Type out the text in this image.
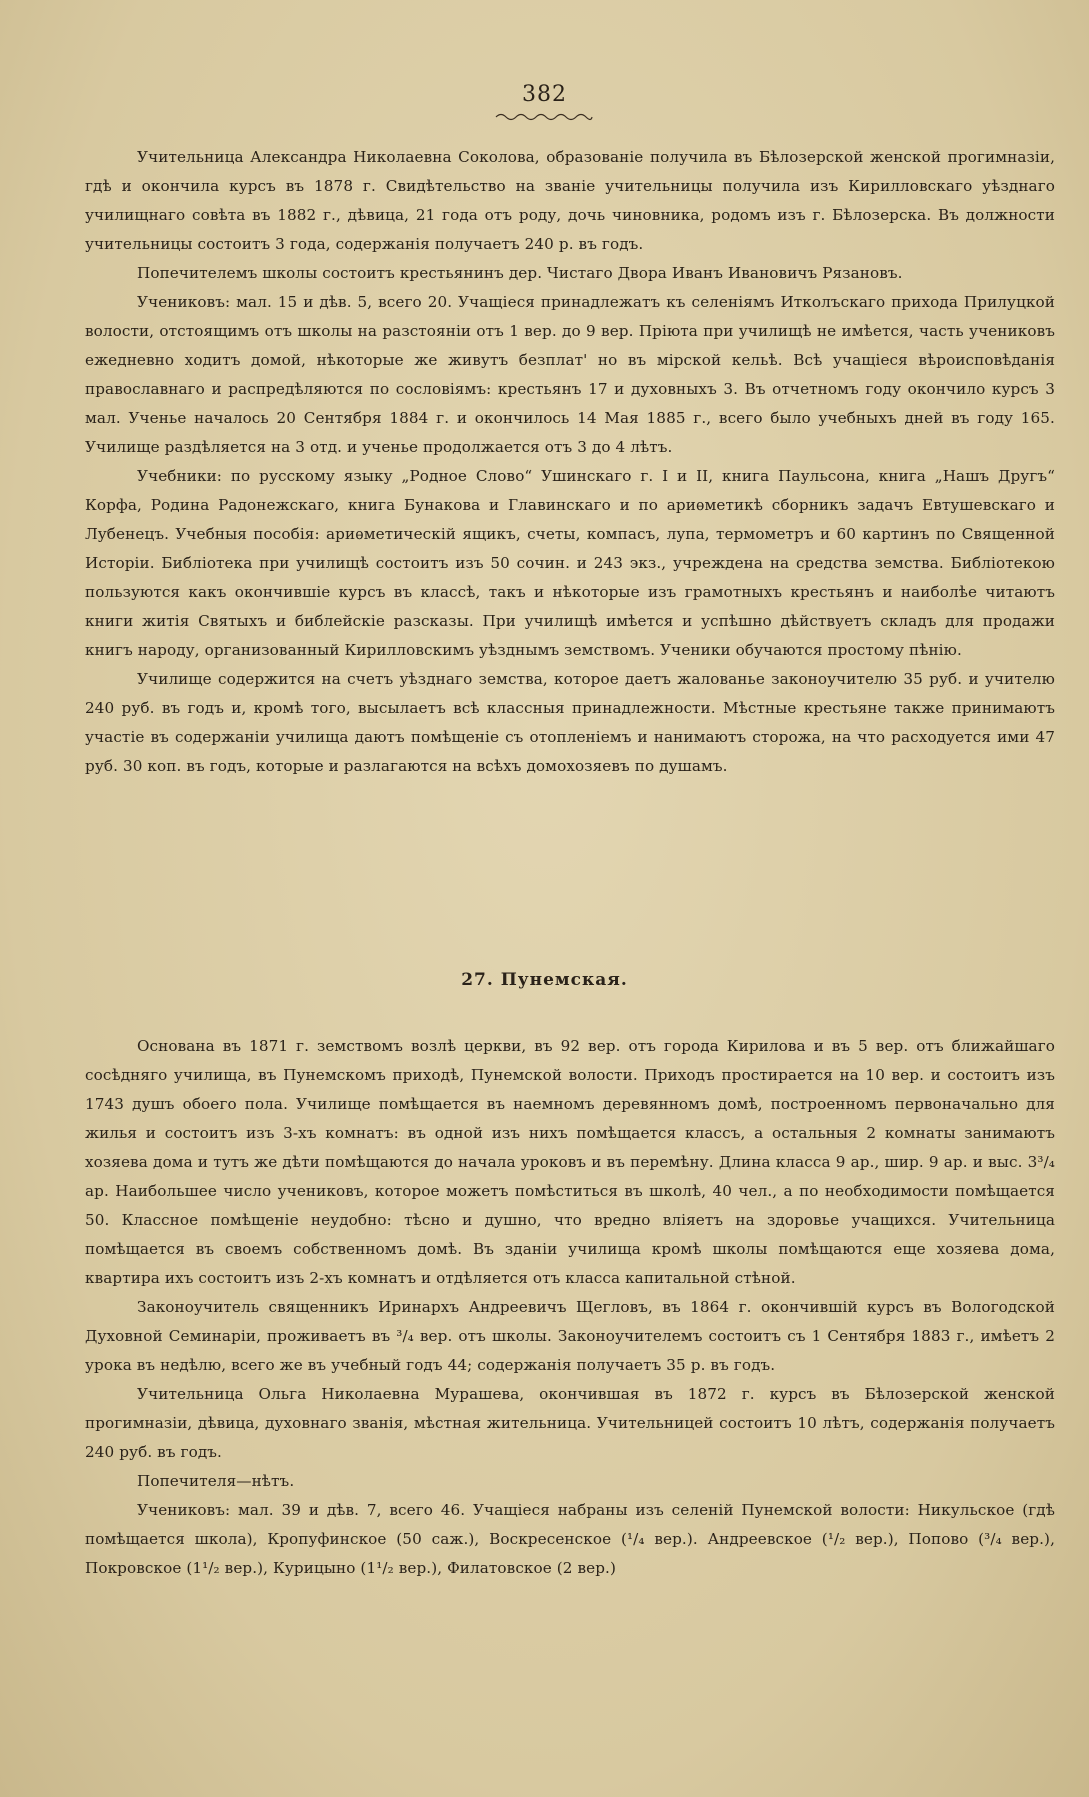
382

Учительница Александра Николаевна Соколова, образованіе получила въ Бѣлозерской женской прогимназіи, гдѣ и окончила курсъ въ 1878 г. Свидѣтельство на званіе учительницы получила изъ Кирилловскаго уѣзднаго училищнаго совѣта въ 1882 г., дѣвица, 21 года отъ роду, дочь чиновника, родомъ изъ г. Бѣлозерска. Въ должности учительницы состоитъ 3 года, содержанія получаетъ 240 р. въ годъ.

Попечителемъ школы состоитъ крестьянинъ дер. Чистаго Двора Иванъ Ивановичъ Рязановъ.

Учениковъ: мал. 15 и дѣв. 5, всего 20. Учащіеся принадлежатъ къ селеніямъ Итколъскаго прихода Прилуцкой волости, отстоящимъ отъ школы на разстояніи отъ 1 вер. до 9 вер. Пріюта при училищѣ не имѣется, часть учениковъ ежедневно ходитъ домой, нѣкоторые же живутъ безплат' но въ мірской кельѣ. Всѣ учащіеся вѣроисповѣданія православнаго и распредѣляются по сословіямъ: крестьянъ 17 и духовныхъ 3. Въ отчетномъ году окончило курсъ 3 мал. Ученье началось 20 Сентября 1884 г. и окончилось 14 Мая 1885 г., всего было учебныхъ дней въ году 165. Училище раздѣляется на 3 отд. и ученье продолжается отъ 3 до 4 лѣтъ.

Учебники: по русскому языку „Родное Слово“ Ушинскаго г. I и II, книга Паульсона, книга „Нашъ Другъ“ Корфа, Родина Радонежскаго, книга Бунакова и Главинскаго и по ариѳметикѣ сборникъ задачъ Евтушевскаго и Лубенецъ. Учебныя пособія: ариѳметическій ящикъ, счеты, компасъ, лупа, термометръ и 60 картинъ по Священной Исторіи. Библіотека при училищѣ состоитъ изъ 50 сочин. и 243 экз., учреждена на средства земства. Библіотекою пользуются какъ окончившіе курсъ въ классѣ, такъ и нѣкоторые изъ грамотныхъ крестьянъ и наиболѣе читаютъ книги житія Святыхъ и библейскіе разсказы. При училищѣ имѣется и успѣшно дѣйствуетъ складъ для продажи книгъ народу, организованный Кирилловскимъ уѣзднымъ земствомъ. Ученики обучаются простому пѣнію.

Училище содержится на счетъ уѣзднаго земства, которое даетъ жалованье законоучителю 35 руб. и учителю 240 руб. въ годъ и, кромѣ того, высылаетъ всѣ классныя принадлежности. Мѣстные крестьяне также принимаютъ участіе въ содержаніи училища даютъ помѣщеніе съ отопленіемъ и нанимаютъ сторожа, на что расходуется ими 47 руб. 30 коп. въ годъ, которые и разлагаются на всѣхъ домохозяевъ по душамъ.

27. Пунемская.

Основана въ 1871 г. земствомъ возлѣ церкви, въ 92 вер. отъ города Кирилова и въ 5 вер. отъ ближайшаго сосѣдняго училища, въ Пунемскомъ приходѣ, Пунемской волости. Приходъ простирается на 10 вер. и состоитъ изъ 1743 душъ обоего пола. Училище помѣщается въ наемномъ деревянномъ домѣ, построенномъ первоначально для жилья и состоитъ изъ 3-хъ комнатъ: въ одной изъ нихъ помѣщается классъ, а остальныя 2 комнаты занимаютъ хозяева дома и тутъ же дѣти помѣщаются до начала уроковъ и въ перемѣну. Длина класса 9 ар., шир. 9 ар. и выс. 3³/₄ ар. Наибольшее число учениковъ, которое можетъ помѣститься въ школѣ, 40 чел., а по необходимости помѣщается 50. Классное помѣщеніе неудобно: тѣсно и душно, что вредно вліяетъ на здоровье учащихся. Учительница помѣщается въ своемъ собственномъ домѣ. Въ зданіи училища кромѣ школы помѣщаются еще хозяева дома, квартира ихъ состоитъ изъ 2-хъ комнатъ и отдѣляется отъ класса капитальной стѣной.

Законоучитель священникъ Иринархъ Андреевичъ Щегловъ, въ 1864 г. окончившій курсъ въ Вологодской Духовной Семинаріи, проживаетъ въ ³/₄ вер. отъ школы. Законоучителемъ состоитъ съ 1 Сентября 1883 г., имѣетъ 2 урока въ недѣлю, всего же въ учебный годъ 44; содержанія получаетъ 35 р. въ годъ.

Учительница Ольга Николаевна Мурашева, окончившая въ 1872 г. курсъ въ Бѣлозерской женской прогимназіи, дѣвица, духовнаго званія, мѣстная жительница. Учительницей состоитъ 10 лѣтъ, содержанія получаетъ 240 руб. въ годъ.

Попечителя—нѣтъ.

Учениковъ: мал. 39 и дѣв. 7, всего 46. Учащіеся набраны изъ селеній Пунемской волости: Никульское (гдѣ помѣщается школа), Кропуфинское (50 саж.), Воскресенское (¹/₄ вер.). Андреевское (¹/₂ вер.), Попово (³/₄ вер.), Покровское (1¹/₂ вер.), Курицыно (1¹/₂ вер.), Филатовское (2 вер.)
